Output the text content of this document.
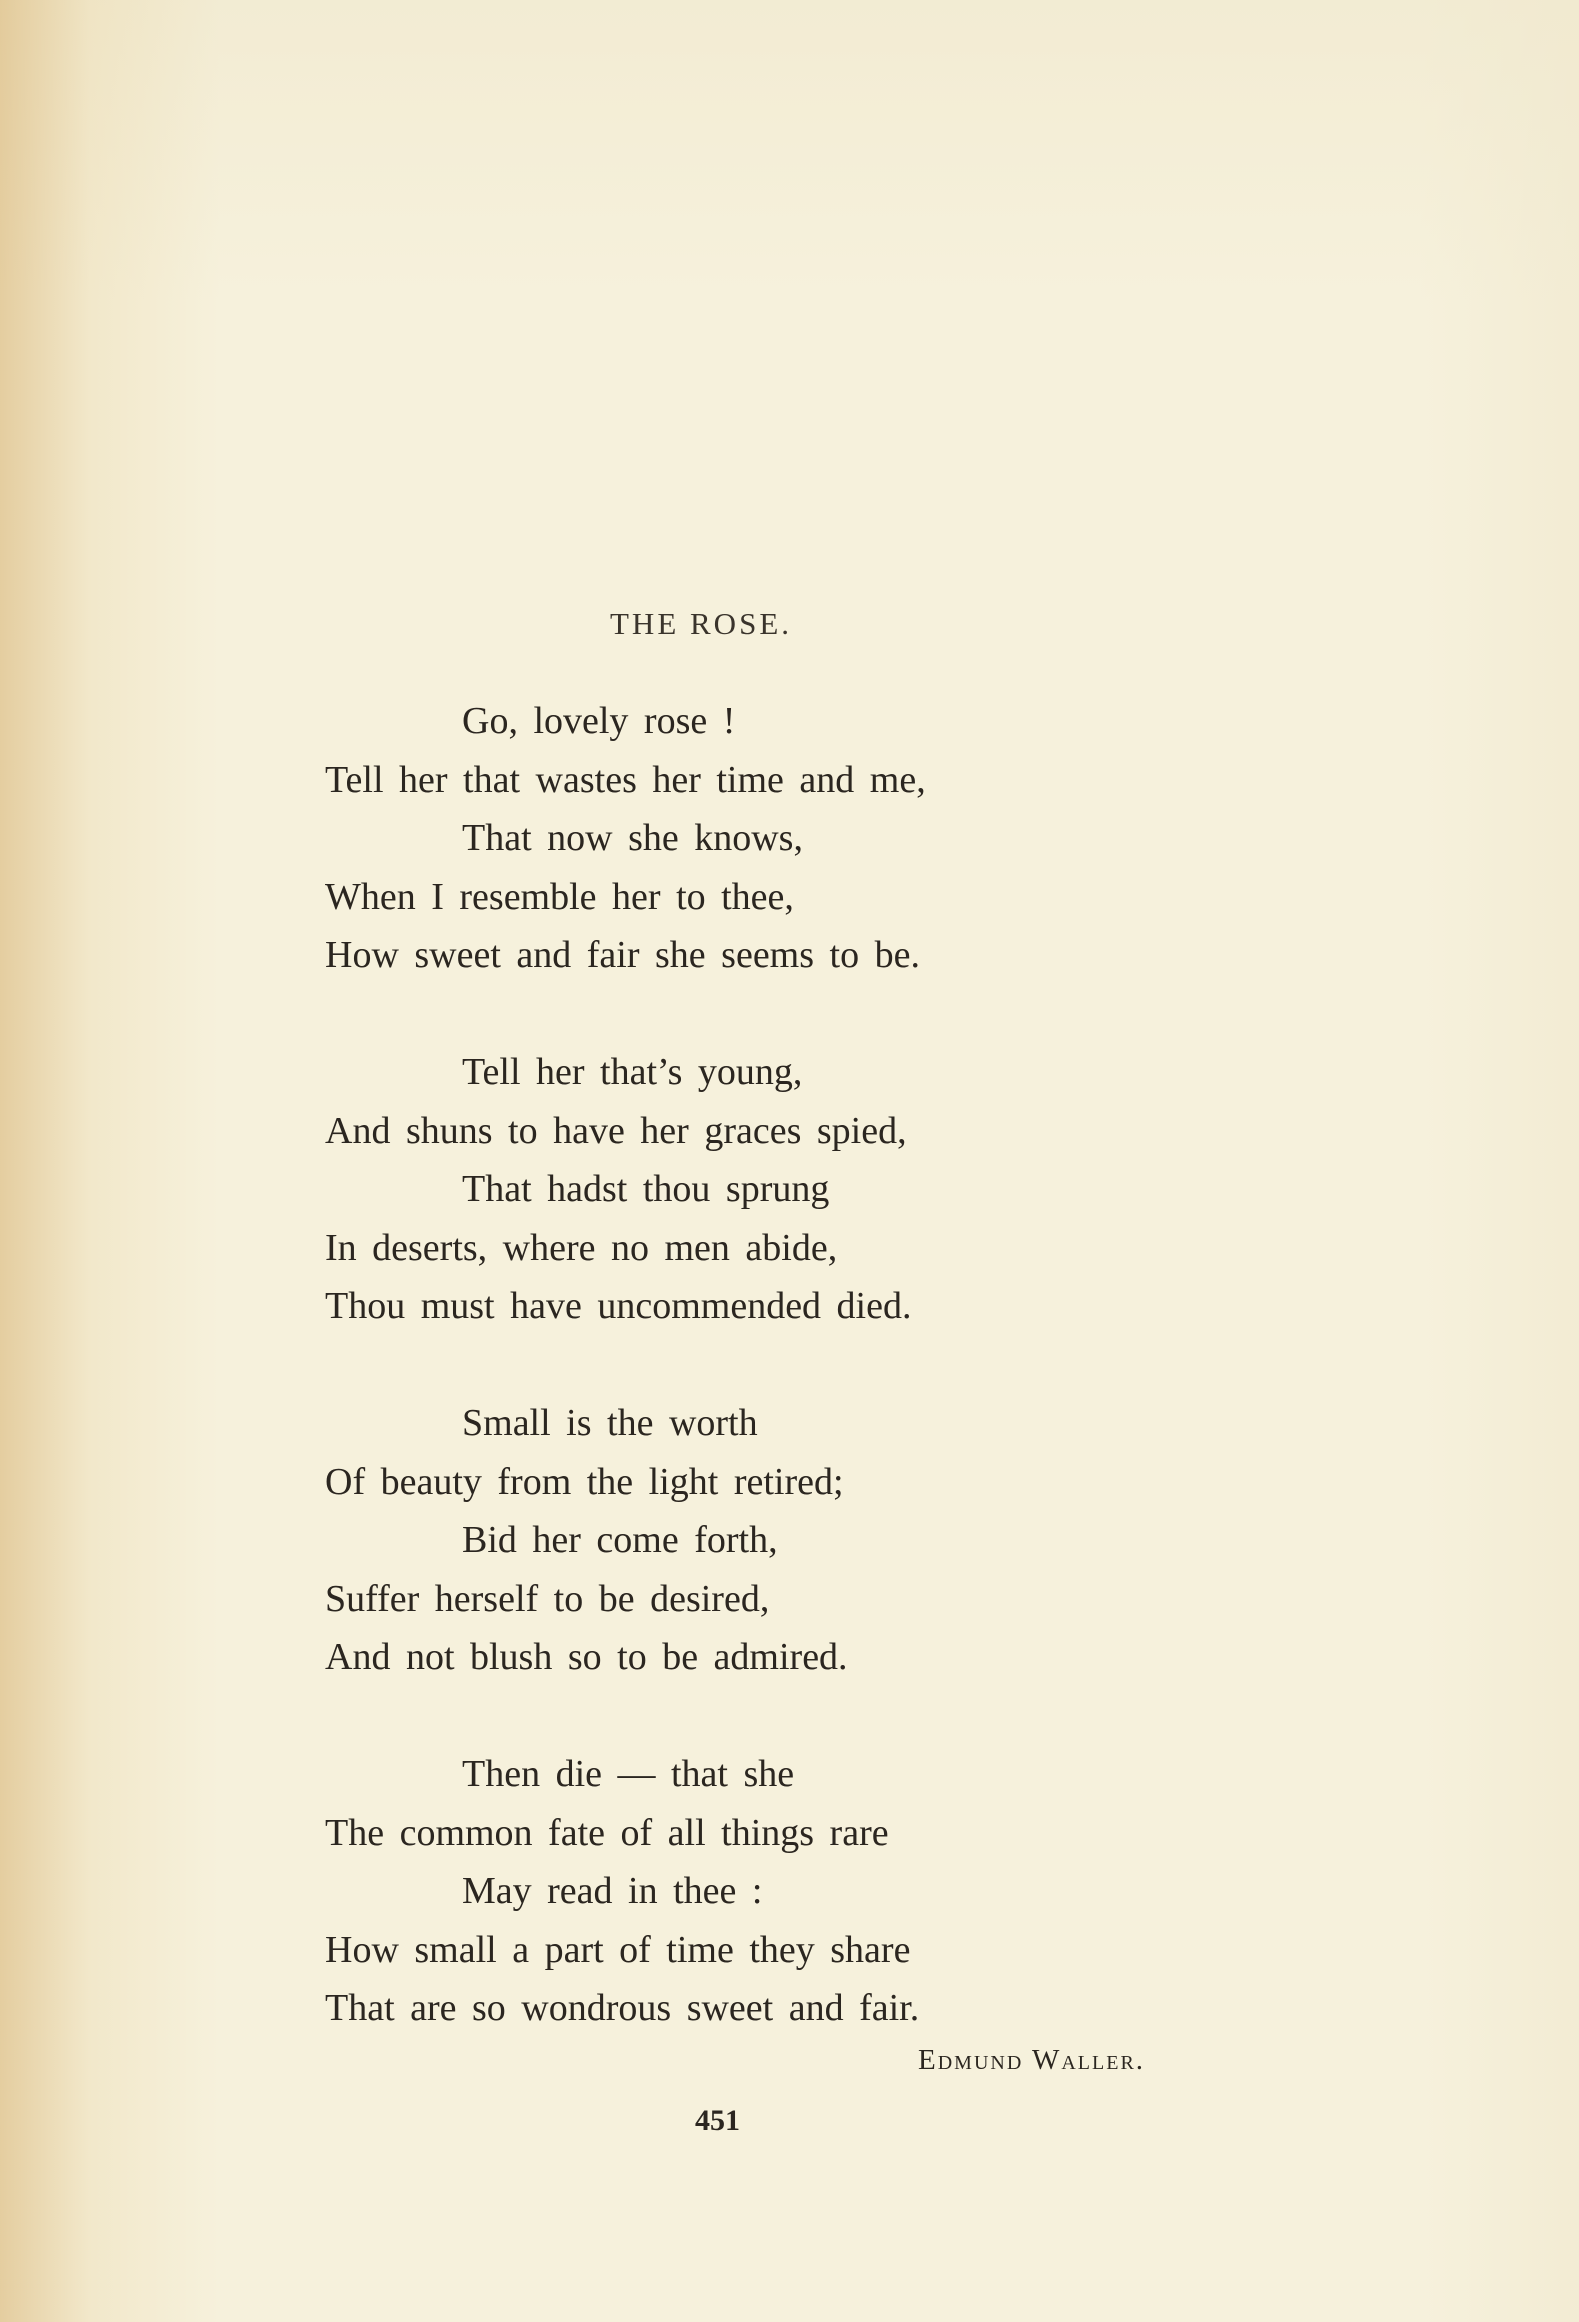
THE ROSE.
Go, lovely rose !
Tell her that wastes her time and me,
That now she knows,
When I resemble her to thee,
How sweet and fair she seems to be.
Tell her that’s young,
And shuns to have her graces spied,
That hadst thou sprung
In deserts, where no men abide,
Thou must have uncommended died.
Small is the worth
Of beauty from the light retired;
Bid her come forth,
Suffer herself to be desired,
And not blush so to be admired.
Then die — that she
The common fate of all things rare
May read in thee :
How small a part of time they share
That are so wondrous sweet and fair.
Edmund Waller.
451
